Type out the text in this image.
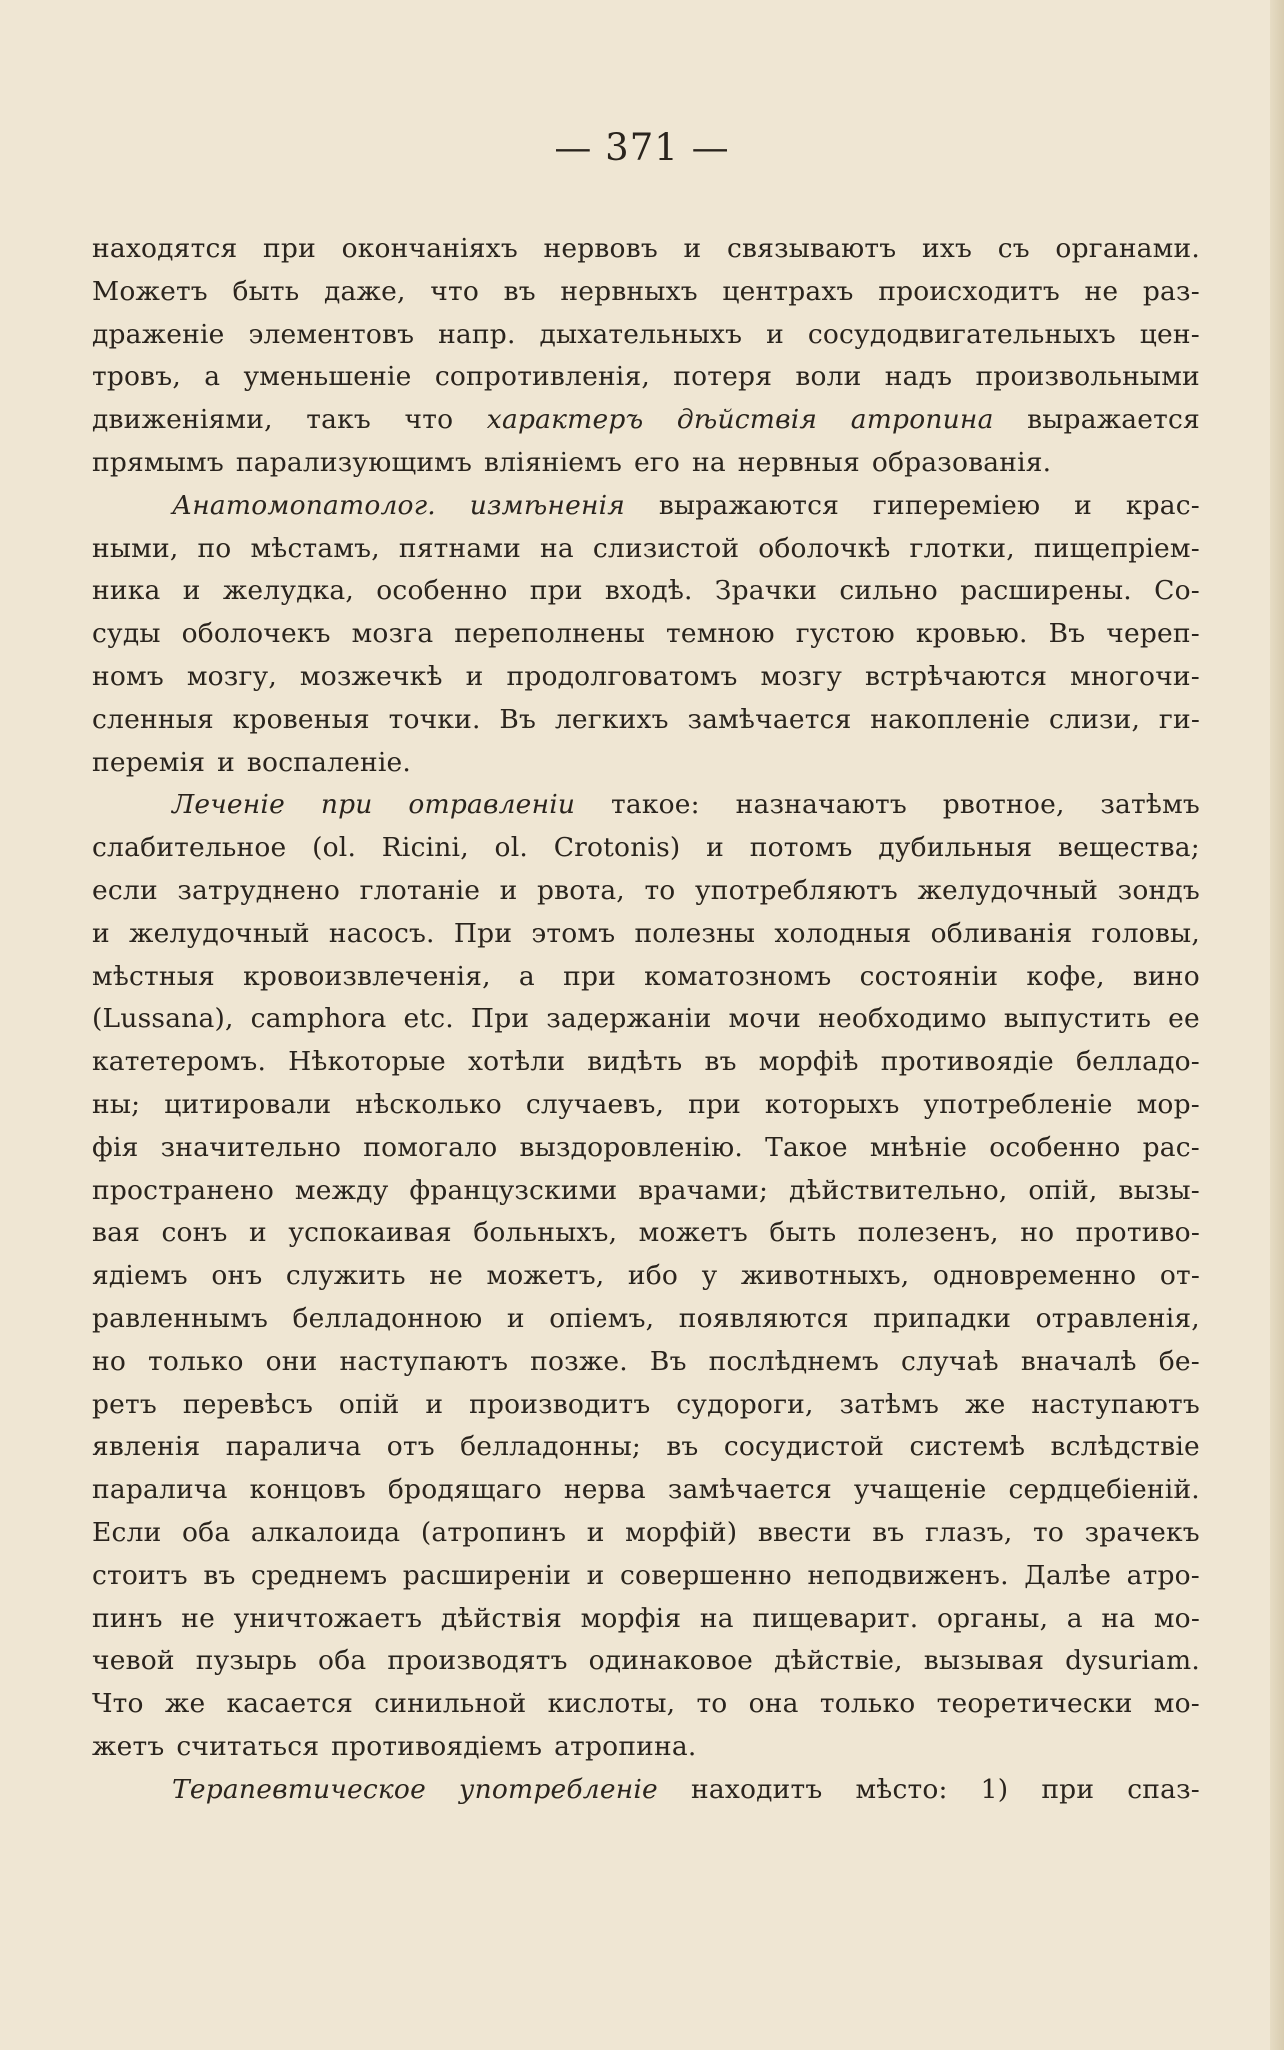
— 371 —
находятся при окончаніяхъ нервовъ и связываютъ ихъ съ органами.
Можетъ быть даже, что въ нервныхъ центрахъ происходитъ не раз-
драженіе элементовъ напр. дыхательныхъ и сосудодвигательныхъ цен-
тровъ, а уменьшеніе сопротивленія, потеря воли надъ произвольными
движеніями, такъ что характеръ дѣйствія атропина выражается
прямымъ парализующимъ вліяніемъ его на нервныя образованія.
Анатомопатолог. измѣненія выражаются гипереміею и крас-
ными, по мѣстамъ, пятнами на слизистой оболочкѣ глотки, пищепріем-
ника и желудка, особенно при входѣ. Зрачки сильно расширены. Со-
суды оболочекъ мозга переполнены темною густою кровью. Въ череп-
номъ мозгу, мозжечкѣ и продолговатомъ мозгу встрѣчаются многочи-
сленныя кровеныя точки. Въ легкихъ замѣчается накопленіе слизи, ги-
перемія и воспаленіе.
Леченіе при отравленіи такое: назначаютъ рвотное, затѣмъ
слабительное (ol. Ricini, ol. Crotonis) и потомъ дубильныя вещества;
если затруднено глотаніе и рвота, то употребляютъ желудочный зондъ
и желудочный насосъ. При этомъ полезны холодныя обливанія головы,
мѣстныя кровоизвлеченія, а при коматозномъ состояніи кофе, вино
(Lussana), camphora etc. При задержаніи мочи необходимо выпустить ее
катетеромъ. Нѣкоторые хотѣли видѣть въ морфіѣ противоядіе белладо-
ны; цитировали нѣсколько случаевъ, при которыхъ употребленіе мор-
фія значительно помогало выздоровленію. Такое мнѣніе особенно рас-
пространено между французскими врачами; дѣйствительно, опій, вызы-
вая сонъ и успокаивая больныхъ, можетъ быть полезенъ, но противо-
ядіемъ онъ служить не можетъ, ибо у животныхъ, одновременно от-
равленнымъ белладонною и опіемъ, появляются припадки отравленія,
но только они наступаютъ позже. Въ послѣднемъ случаѣ вначалѣ бе-
ретъ перевѣсъ опій и производитъ судороги, затѣмъ же наступаютъ
явленія паралича отъ белладонны; въ сосудистой системѣ вслѣдствіе
паралича концовъ бродящаго нерва замѣчается учащеніе сердцебіеній.
Если оба алкалоида (атропинъ и морфій) ввести въ глазъ, то зрачекъ
стоитъ въ среднемъ расширеніи и совершенно неподвиженъ. Далѣе атро-
пинъ не уничтожаетъ дѣйствія морфія на пищеварит. органы, а на мо-
чевой пузырь оба производятъ одинаковое дѣйствіе, вызывая dysuriam.
Что же касается синильной кислоты, то она только теоретически мо-
жетъ считаться противоядіемъ атропина.
Терапевтическое употребленіе находитъ мѣсто: 1) при спаз-
